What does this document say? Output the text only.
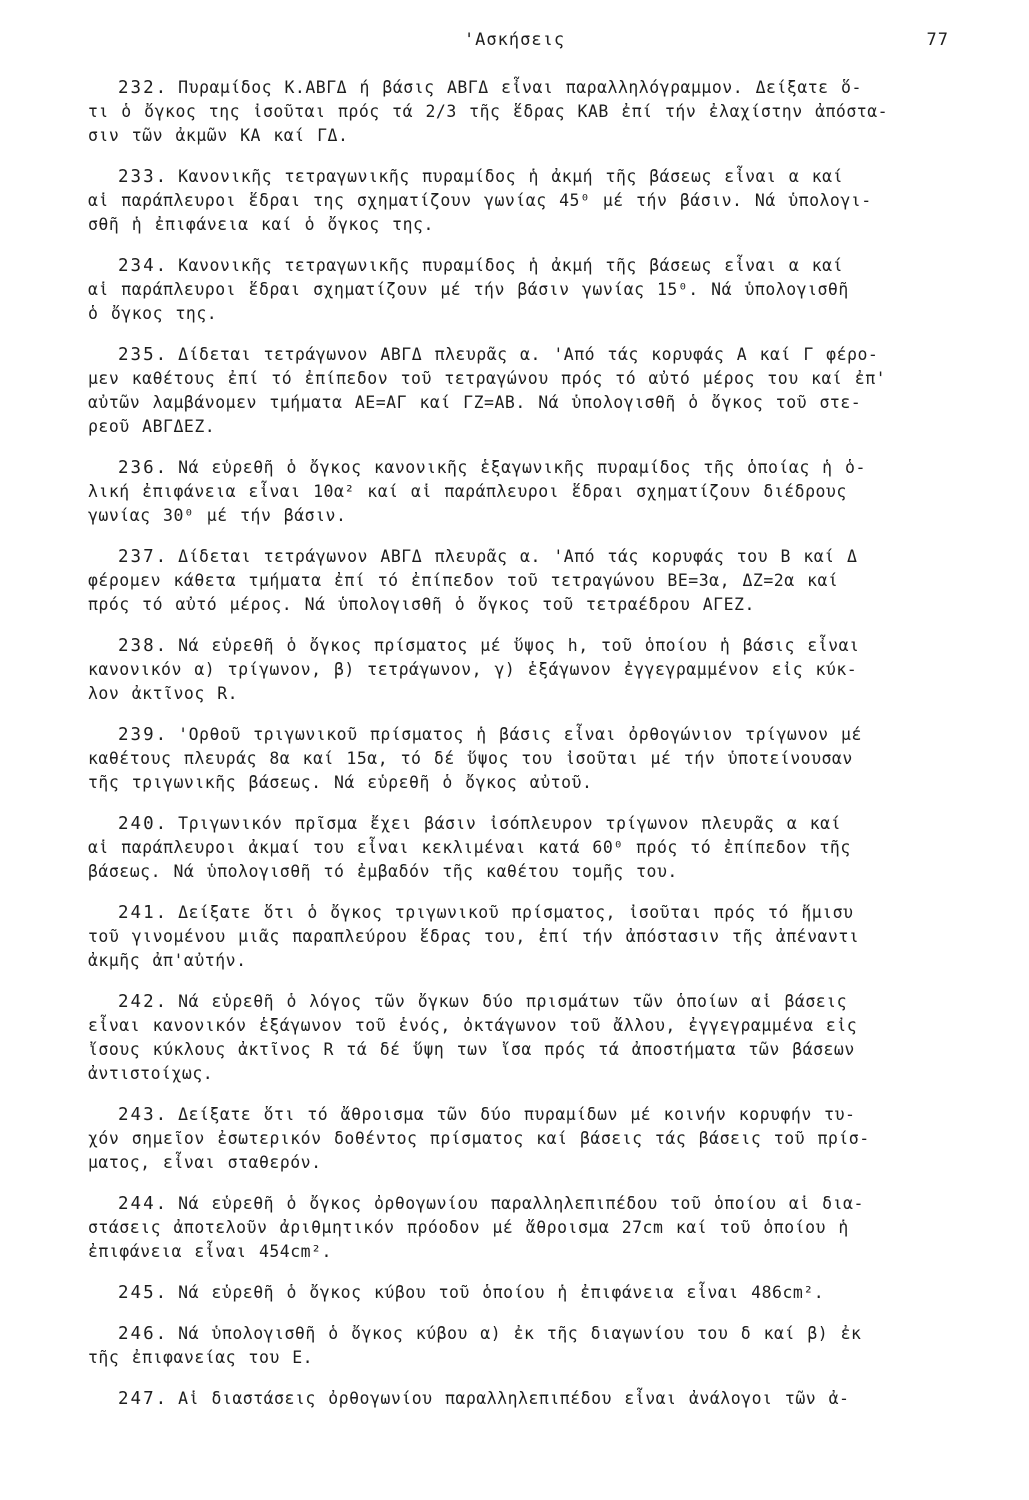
'Ασκήσεις	77
232. Πυραμίδος Κ.ΑΒΓΔ ή βάσις ΑΒΓΔ εἶναι παραλληλόγραμμον. Δείξατε ὅ-
τι ὁ ὄγκος της ἰσοῦται πρός τά 2/3 τῆς ἕδρας ΚΑΒ ἐπί τήν ἐλαχίστην ἀπόστα-
σιν τῶν ἀκμῶν ΚΑ καί ΓΔ.
233. Κανονικῆς τετραγωνικῆς πυραμίδος ἡ ἀκμή τῆς βάσεως εἶναι α καί
αἱ παράπλευροι ἕδραι της σχηματίζουν γωνίας 45⁰ μέ τήν βάσιν. Νά ὑπολογι-
σθῆ ἡ ἐπιφάνεια καί ὁ ὄγκος της.
234. Κανονικῆς τετραγωνικῆς πυραμίδος ἡ ἀκμή τῆς βάσεως εἶναι α καί
αἱ παράπλευροι ἕδραι σχηματίζουν μέ τήν βάσιν γωνίας 15⁰. Νά ὑπολογισθῆ
ὁ ὄγκος της.
235. Δίδεται τετράγωνον ΑΒΓΔ πλευρᾶς α. 'Από τάς κορυφάς Α καί Γ φέρο-
μεν καθέτους ἐπί τό ἐπίπεδον τοῦ τετραγώνου πρός τό αὐτό μέρος του καί ἐπ'
αὐτῶν λαμβάνομεν τμήματα ΑΕ=ΑΓ καί ΓΖ=ΑΒ. Νά ὑπολογισθῆ ὁ ὄγκος τοῦ στε-
ρεοῦ ΑΒΓΔΕΖ.
236. Νά εὑρεθῆ ὁ ὄγκος κανονικῆς ἑξαγωνικῆς πυραμίδος τῆς ὁποίας ἡ ὁ-
λική ἐπιφάνεια εἶναι 10α² καί αἱ παράπλευροι ἕδραι σχηματίζουν διέδρους
γωνίας 30⁰ μέ τήν βάσιν.
237. Δίδεται τετράγωνον ΑΒΓΔ πλευρᾶς α. 'Από τάς κορυφάς του Β καί Δ
φέρομεν κάθετα τμήματα ἐπί τό ἐπίπεδον τοῦ τετραγώνου ΒΕ=3α, ΔΖ=2α καί
πρός τό αὐτό μέρος. Νά ὑπολογισθῆ ὁ ὄγκος τοῦ τετραέδρου ΑΓΕΖ.
238. Νά εὑρεθῆ ὁ ὄγκος πρίσματος μέ ὕψος h, τοῦ ὁποίου ἡ βάσις εἶναι
κανονικόν α) τρίγωνον, β) τετράγωνον, γ) ἑξάγωνον ἐγγεγραμμένον εἰς κύκ-
λον ἀκτῖνος R.
239. 'Ορθοῦ τριγωνικοῦ πρίσματος ἡ βάσις εἶναι ὀρθογώνιον τρίγωνον μέ
καθέτους πλευράς 8α καί 15α, τό δέ ὕψος του ἰσοῦται μέ τήν ὑποτείνουσαν
τῆς τριγωνικῆς βάσεως. Νά εὑρεθῆ ὁ ὄγκος αὐτοῦ.
240. Τριγωνικόν πρῖσμα ἔχει βάσιν ἰσόπλευρον τρίγωνον πλευρᾶς α καί
αἱ παράπλευροι ἀκμαί του εἶναι κεκλιμέναι κατά 60⁰ πρός τό ἐπίπεδον τῆς
βάσεως. Νά ὑπολογισθῆ τό ἐμβαδόν τῆς καθέτου τομῆς του.
241. Δείξατε ὅτι ὁ ὄγκος τριγωνικοῦ πρίσματος, ἰσοῦται πρός τό ἥμισυ
τοῦ γινομένου μιᾶς παραπλεύρου ἕδρας του, ἐπί τήν ἀπόστασιν τῆς ἀπέναντι
ἀκμῆς ἀπ'αὐτήν.
242. Νά εὑρεθῆ ὁ λόγος τῶν ὄγκων δύο πρισμάτων τῶν ὁποίων αἱ βάσεις
εἶναι κανονικόν ἑξάγωνον τοῦ ἑνός, ὀκτάγωνον τοῦ ἄλλου, ἐγγεγραμμένα εἰς
ἴσους κύκλους ἀκτῖνος R τά δέ ὕψη των ἴσα πρός τά ἀποστήματα τῶν βάσεων
ἀντιστοίχως.
243. Δείξατε ὅτι τό ἄθροισμα τῶν δύο πυραμίδων μέ κοινήν κορυφήν τυ-
χόν σημεῖον ἐσωτερικόν δοθέντος πρίσματος καί βάσεις τάς βάσεις τοῦ πρίσ-
ματος, εἶναι σταθερόν.
244. Νά εὑρεθῆ ὁ ὄγκος ὀρθογωνίου παραλληλεπιπέδου τοῦ ὁποίου αἱ δια-
στάσεις ἀποτελοῦν ἀριθμητικόν πρόοδον μέ ἄθροισμα 27cm καί τοῦ ὁποίου ἡ
ἐπιφάνεια εἶναι 454cm².
245. Νά εὑρεθῆ ὁ ὄγκος κύβου τοῦ ὁποίου ἡ ἐπιφάνεια εἶναι 486cm².
246. Νά ὑπολογισθῆ ὁ ὄγκος κύβου α) ἐκ τῆς διαγωνίου του δ καί β) ἐκ
τῆς ἐπιφανείας του Ε.
247. Αἱ διαστάσεις ὀρθογωνίου παραλληλεπιπέδου εἶναι ἀνάλογοι τῶν ἀ-
